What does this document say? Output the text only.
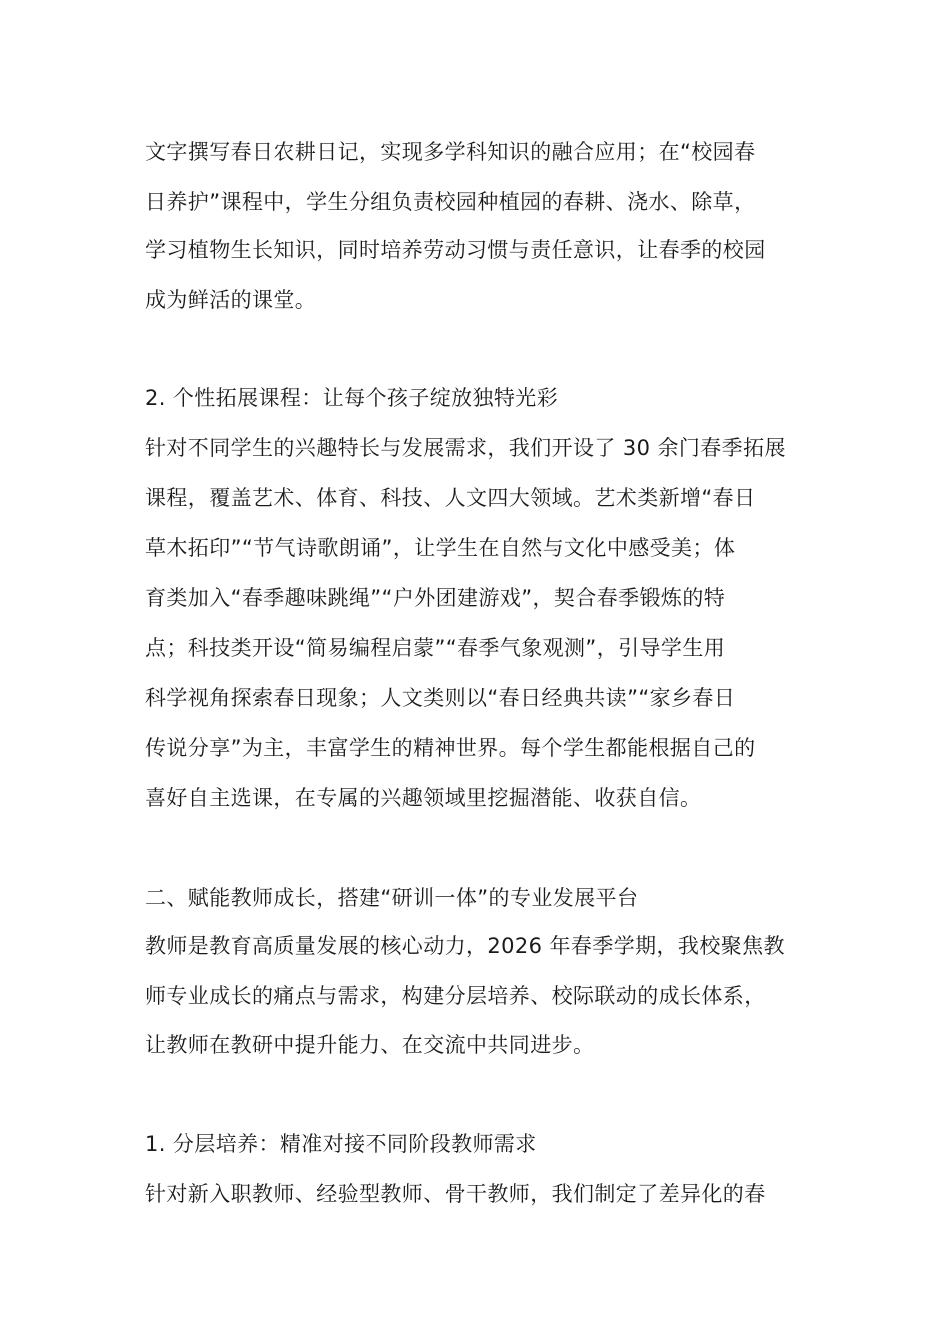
文字撰写春日农耕日记，实现多学科知识的融合应用；在“校园春
日养护”课程中，学生分组负责校园种植园的春耕、浇水、除草，
学习植物生长知识，同时培养劳动习惯与责任意识，让春季的校园
成为鲜活的课堂。
2. 个性拓展课程：让每个孩子绽放独特光彩
针对不同学生的兴趣特长与发展需求，我们开设了 30 余门春季拓展
课程，覆盖艺术、体育、科技、人文四大领域。艺术类新增“春日
草木拓印”“节气诗歌朗诵”，让学生在自然与文化中感受美；体
育类加入“春季趣味跳绳”“户外团建游戏”，契合春季锻炼的特
点；科技类开设“简易编程启蒙”“春季气象观测”，引导学生用
科学视角探索春日现象；人文类则以“春日经典共读”“家乡春日
传说分享”为主，丰富学生的精神世界。每个学生都能根据自己的
喜好自主选课，在专属的兴趣领域里挖掘潜能、收获自信。
二、赋能教师成长，搭建“研训一体”的专业发展平台
教师是教育高质量发展的核心动力，2026 年春季学期，我校聚焦教
师专业成长的痛点与需求，构建分层培养、校际联动的成长体系，
让教师在教研中提升能力、在交流中共同进步。
1. 分层培养：精准对接不同阶段教师需求
针对新入职教师、经验型教师、骨干教师，我们制定了差异化的春
